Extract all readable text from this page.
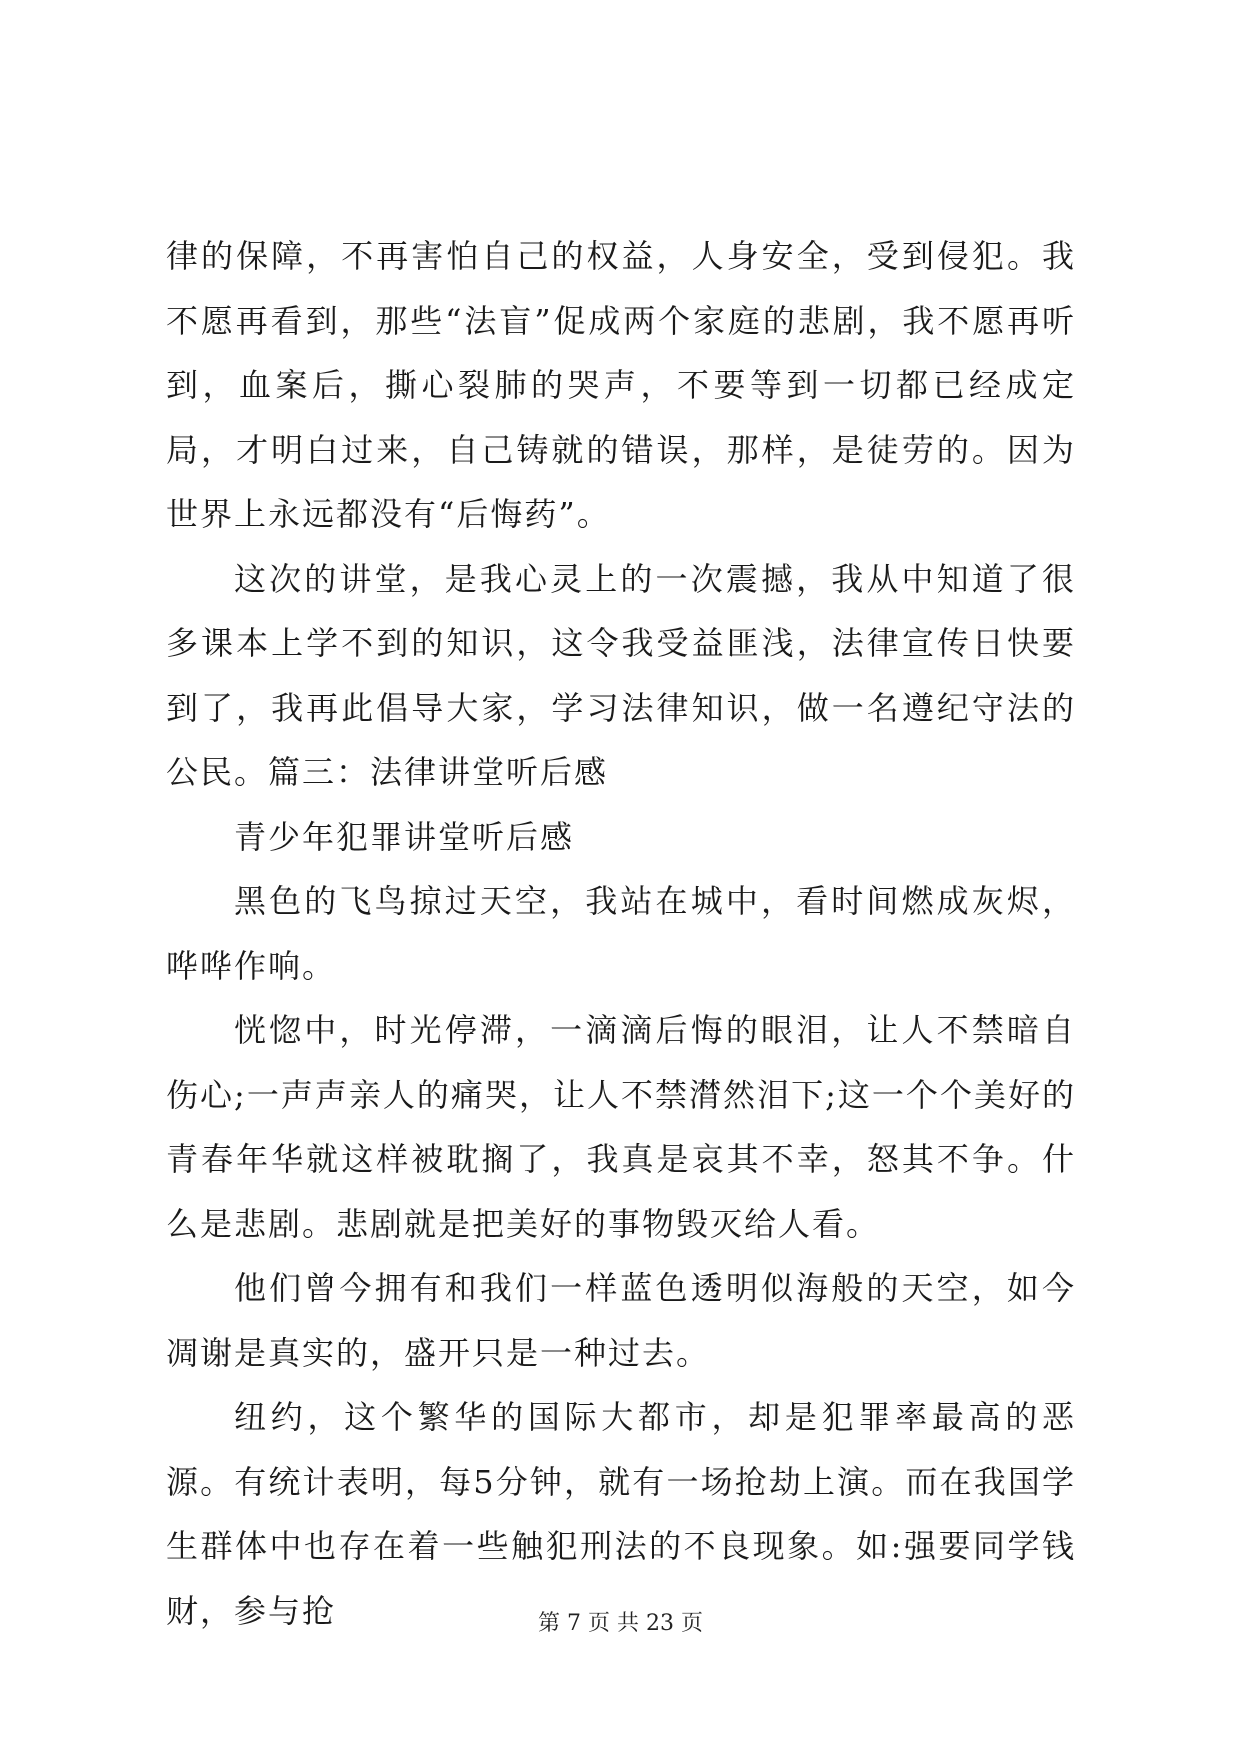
律的保障，不再害怕自己的权益，人身安全，受到侵犯。我不愿再看到，那些“法盲”促成两个家庭的悲剧，我不愿再听到，血案后，撕心裂肺的哭声，不要等到一切都已经成定局，才明白过来，自己铸就的错误，那样，是徒劳的。因为世界上永远都没有“后悔药”。

这次的讲堂，是我心灵上的一次震撼，我从中知道了很多课本上学不到的知识，这令我受益匪浅，法律宣传日快要到了，我再此倡导大家，学习法律知识，做一名遵纪守法的公民。篇三：法律讲堂听后感

青少年犯罪讲堂听后感

黑色的飞鸟掠过天空，我站在城中，看时间燃成灰烬，哗哗作响。

恍惚中，时光停滞，一滴滴后悔的眼泪，让人不禁暗自伤心;一声声亲人的痛哭，让人不禁潸然泪下;这一个个美好的青春年华就这样被耽搁了，我真是哀其不幸，怒其不争。什么是悲剧。悲剧就是把美好的事物毁灭给人看。

他们曾今拥有和我们一样蓝色透明似海般的天空，如今凋谢是真实的，盛开只是一种过去。

纽约，这个繁华的国际大都市，却是犯罪率最高的恶源。有统计表明，每5分钟，就有一场抢劫上演。而在我国学生群体中也存在着一些触犯刑法的不良现象。如:强要同学钱财，参与抢	第 7 页 共 23 页
